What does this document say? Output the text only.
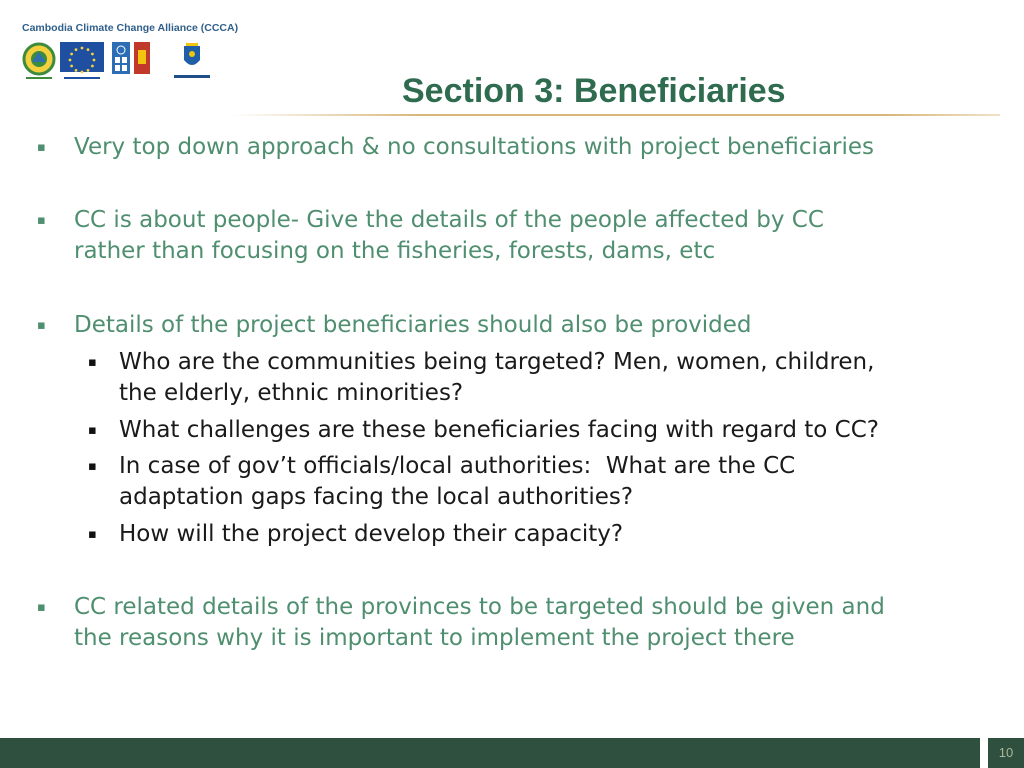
Cambodia Climate Change Alliance (CCCA)
Section 3: Beneficiaries
▪ Very top down approach & no consultations with project beneficiaries
▪ CC is about people- Give the details of the people affected by CC
rather than focusing on the fisheries, forests, dams, etc
▪ Details of the project beneficiaries should also be provided
▪ Who are the communities being targeted? Men, women, children,
the elderly, ethnic minorities?
▪ What challenges are these beneficiaries facing with regard to CC?
▪ In case of gov’t officials/local authorities:  What are the CC
adaptation gaps facing the local authorities?
▪ How will the project develop their capacity?
▪ CC related details of the provinces to be targeted should be given and
the reasons why it is important to implement the project there
10
